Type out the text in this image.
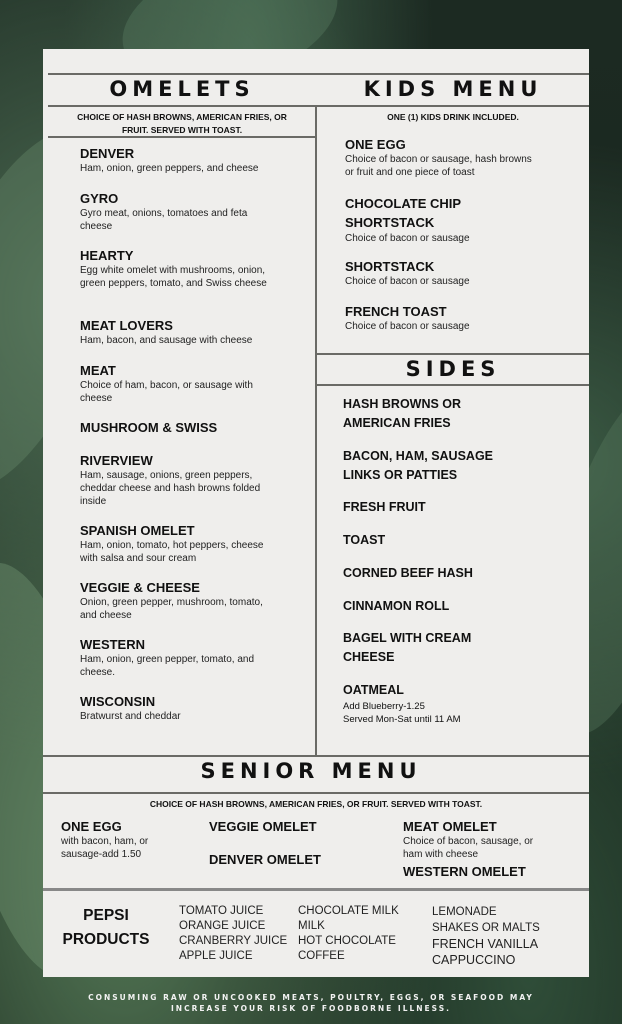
OMELETS
CHOICE OF HASH BROWNS, AMERICAN FRIES, OR
FRUIT. SERVED WITH TOAST.
DENVER
Ham, onion, green peppers, and cheese
GYRO
Gyro meat, onions, tomatoes and feta cheese
HEARTY
Egg white omelet with mushrooms, onion, green peppers, tomato, and Swiss cheese
MEAT LOVERS
Ham, bacon, and sausage with cheese
MEAT
Choice of ham, bacon, or sausage with cheese
MUSHROOM & SWISS
RIVERVIEW
Ham, sausage, onions, green peppers, cheddar cheese and hash browns folded inside
SPANISH OMELET
Ham, onion, tomato, hot peppers, cheese with salsa and sour cream
VEGGIE & CHEESE
Onion, green pepper, mushroom, tomato, and cheese
WESTERN
Ham, onion, green pepper, tomato, and cheese.
WISCONSIN
Bratwurst and cheddar
KIDS MENU
ONE (1) KIDS DRINK INCLUDED.
ONE EGG
Choice of bacon or sausage, hash browns or fruit and one piece of toast
CHOCOLATE CHIP SHORTSTACK
Choice of bacon or sausage
SHORTSTACK
Choice of bacon or sausage
FRENCH TOAST
Choice of bacon or sausage
SIDES
HASH BROWNS OR AMERICAN FRIES
BACON, HAM, SAUSAGE LINKS OR PATTIES
FRESH FRUIT
TOAST
CORNED BEEF HASH
CINNAMON ROLL
BAGEL WITH CREAM CHEESE
OATMEAL
Add Blueberry-1.25
Served Mon-Sat until 11 AM
SENIOR MENU
CHOICE OF HASH BROWNS, AMERICAN FRIES, OR FRUIT. SERVED WITH TOAST.
ONE EGG
with bacon, ham, or sausage-add 1.50
VEGGIE OMELET
DENVER OMELET
MEAT OMELET
Choice of bacon, sausage, or ham with cheese
WESTERN OMELET
PEPSI
PRODUCTS
TOMATO JUICE
ORANGE JUICE
CRANBERRY JUICE
APPLE JUICE
CHOCOLATE MILK
MILK
HOT CHOCOLATE
COFFEE
LEMONADE
SHAKES OR MALTS
FRENCH VANILLA
CAPPUCCINO
CONSUMING RAW OR UNCOOKED MEATS, POULTRY, EGGS, OR SEAFOOD MAY
INCREASE YOUR RISK OF FOODBORNE ILLNESS.
